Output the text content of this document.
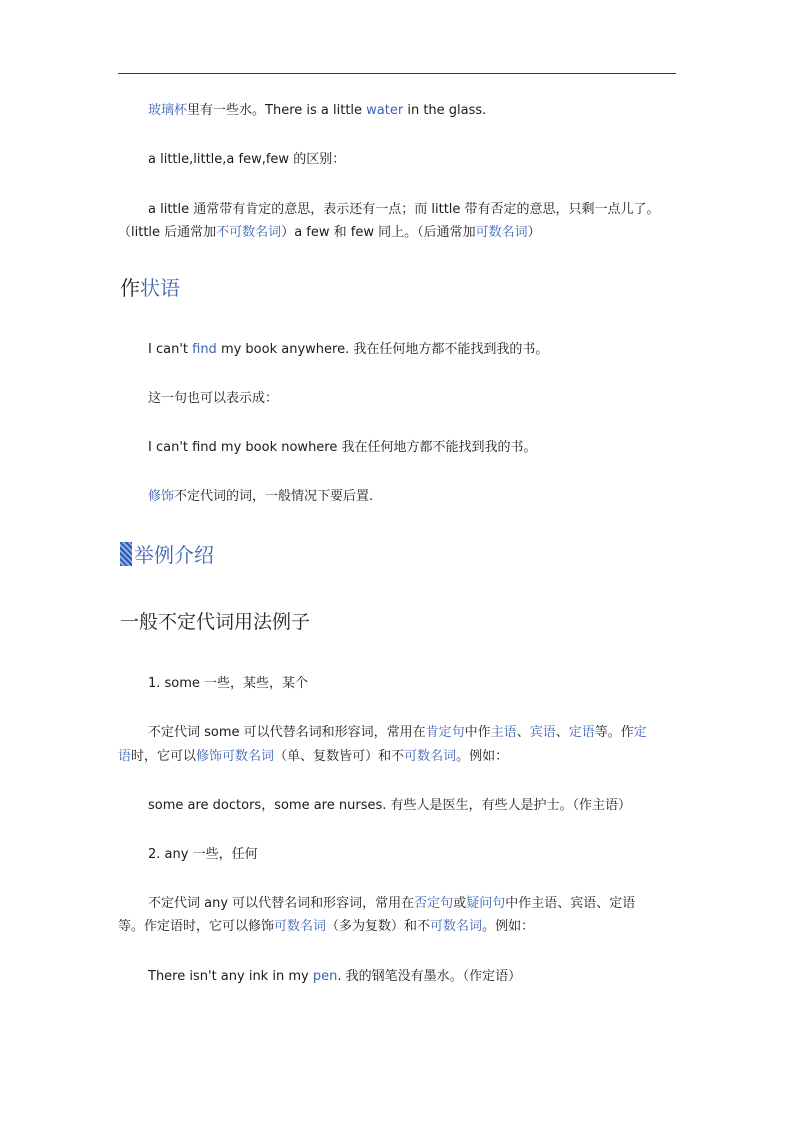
玻璃杯里有一些水。There is a little water in the glass.
a little,little,a few,few 的区别：
a little 通常带有肯定的意思，表示还有一点；而 little 带有否定的意思，只剩一点儿了。
（little 后通常加不可数名词）a few 和 few 同上。（后通常加可数名词）
作状语
I can't find my book anywhere. 我在任何地方都不能找到我的书。
这一句也可以表示成：
I can't find my book nowhere 我在任何地方都不能找到我的书。
修饰不定代词的词，一般情况下要后置.
举例介绍
一般不定代词用法例子
1. some 一些，某些，某个
不定代词 some 可以代替名词和形容词，常用在肯定句中作主语、宾语、定语等。作定
语时，它可以修饰可数名词（单、复数皆可）和不可数名词。例如：
some are doctors，some are nurses. 有些人是医生，有些人是护士。（作主语）
2. any 一些，任何
不定代词 any 可以代替名词和形容词，常用在否定句或疑问句中作主语、宾语、定语
等。作定语时，它可以修饰可数名词（多为复数）和不可数名词。例如：
There isn't any ink in my pen. 我的钢笔没有墨水。（作定语）
